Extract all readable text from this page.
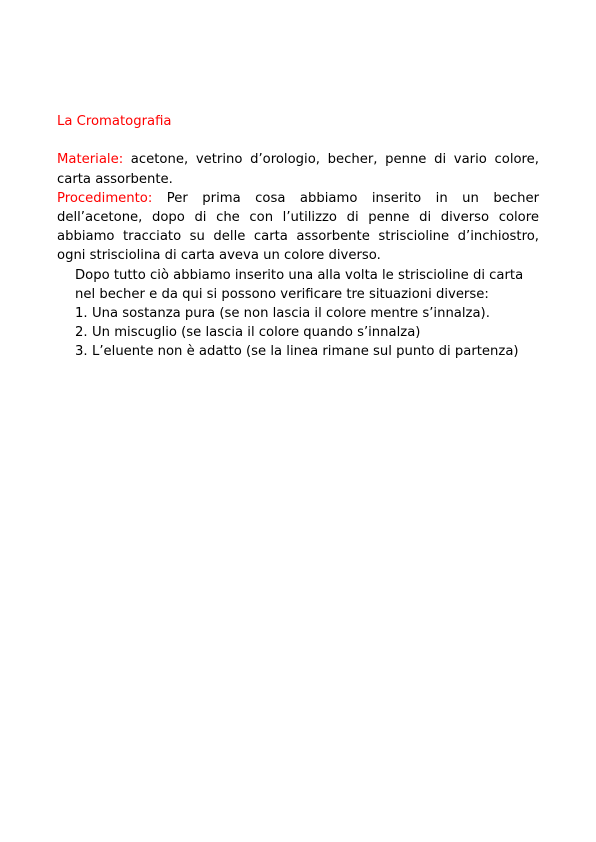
La Cromatografia

Materiale: acetone, vetrino d’orologio, becher, penne di vario colore, carta assorbente.

Procedimento: Per prima cosa abbiamo inserito in un becher dell’acetone, dopo di che con l’utilizzo di penne di diverso colore abbiamo tracciato su delle carta assorbente striscioline d’inchiostro, ogni strisciolina di carta aveva un colore diverso.

Dopo tutto ciò abbiamo inserito una alla volta le striscioline di carta nel becher e da qui si possono verificare tre situazioni diverse:

1. Una sostanza pura (se non lascia il colore mentre s’innalza).
2. Un miscuglio (se lascia il colore quando s’innalza)
3. L’eluente non è adatto (se la linea rimane sul punto di partenza)
